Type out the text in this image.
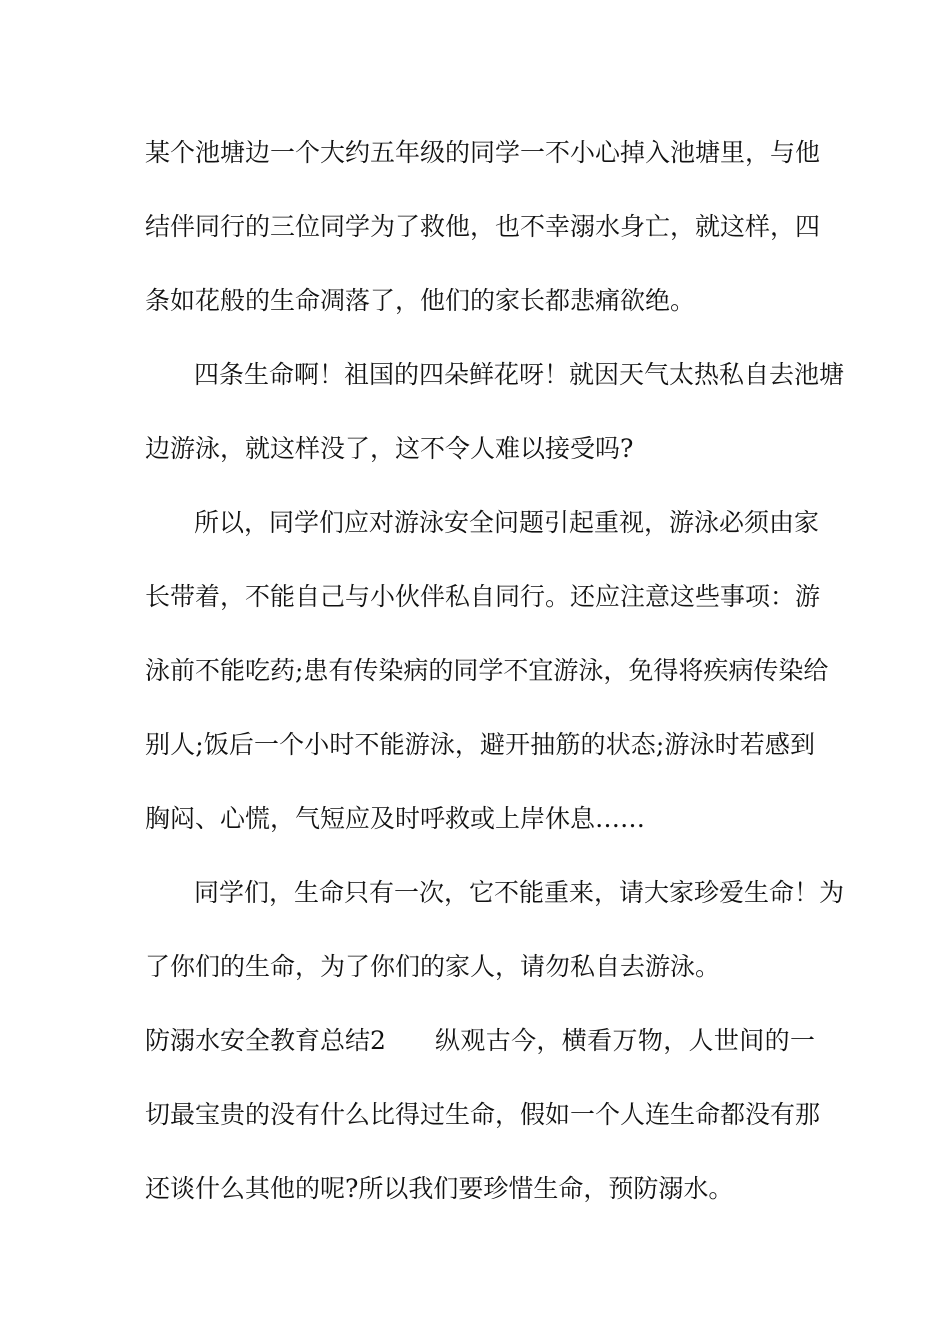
某个池塘边一个大约五年级的同学一不小心掉入池塘里，与他
结伴同行的三位同学为了救他，也不幸溺水身亡，就这样，四
条如花般的生命凋落了，他们的家长都悲痛欲绝。
四条生命啊！祖国的四朵鲜花呀！就因天气太热私自去池塘
边游泳，就这样没了，这不令人难以接受吗?
所以，同学们应对游泳安全问题引起重视，游泳必须由家
长带着，不能自己与小伙伴私自同行。还应注意这些事项：游
泳前不能吃药;患有传染病的同学不宜游泳，免得将疾病传染给
别人;饭后一个小时不能游泳，避开抽筋的状态;游泳时若感到
胸闷、心慌，气短应及时呼救或上岸休息……
同学们，生命只有一次，它不能重来，请大家珍爱生命！为
了你们的生命，为了你们的家人，请勿私自去游泳。
防溺水安全教育总结2 纵观古今，横看万物，人世间的一
切最宝贵的没有什么比得过生命，假如一个人连生命都没有那
还谈什么其他的呢?所以我们要珍惜生命，预防溺水。
